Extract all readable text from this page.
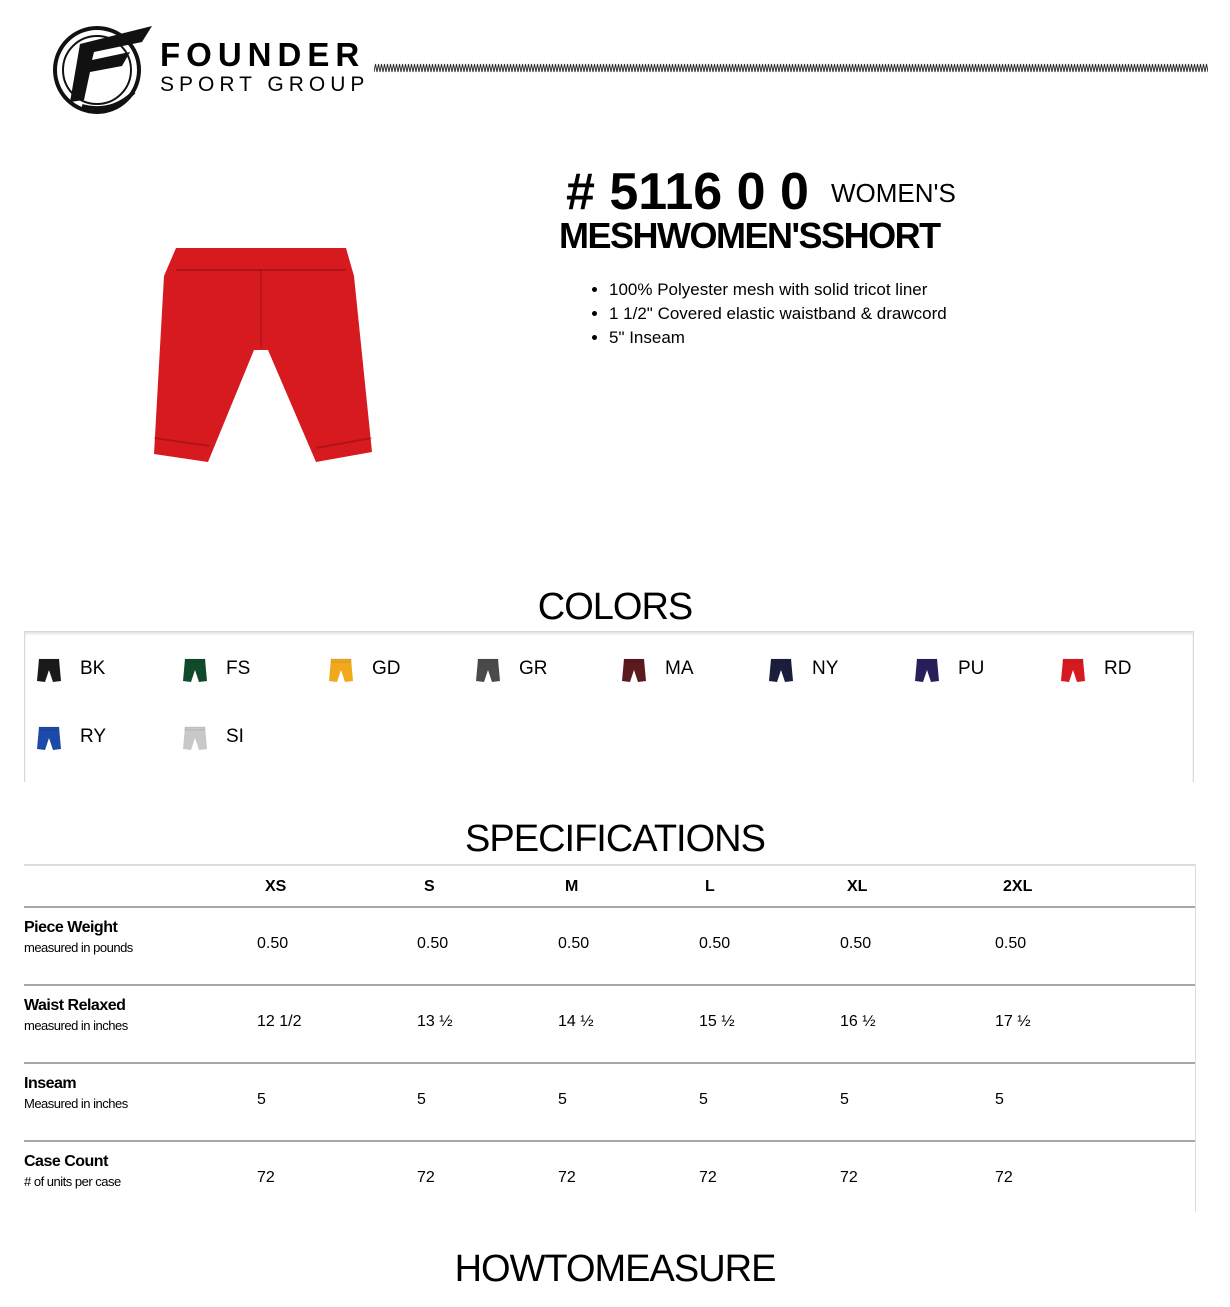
FOUNDER
SPORT GROUP
# 5116 0 0 WOMEN'S
MESHWOMEN'SSHORT
• 100% Polyester mesh with solid tricot liner
• 1 1/2" Covered elastic waistband & drawcord
• 5" Inseam
COLORS
BK	FS	GD	GR	MA	NY	PU	RD
RY	SI
SPECIFICATIONS
XS	S	M	L	XL	2XL
Piece Weight
measured in pounds	0.50	0.50	0.50	0.50	0.50	0.50
Waist Relaxed
measured in inches	12 1/2	13 ½	14 ½	15 ½	16 ½	17 ½
Inseam
Measured in inches	5	5	5	5	5	5
Case Count
# of units per case	72	72	72	72	72	72
HOWTOMEASURE
